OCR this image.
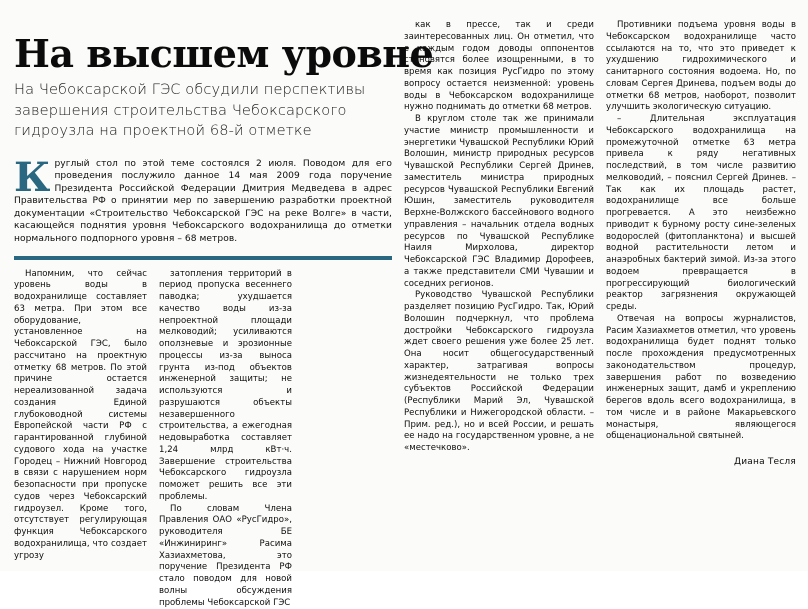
На высшем уровне
На Чебоксарской ГЭС обсудили перспективы
завершения строительства Чебоксарского
гидроузла на проектной 68-й отметке

Круглый стол по этой теме состоялся 2 июля. Поводом для его проведения послужило данное 14 мая 2009 года поручение Президента Российской Федерации Дмитрия Медведева в адрес Правительства РФ о принятии мер по завершению разработки проектной документации «Строительство Чебоксарской ГЭС на реке Волге» в части, касающейся поднятия уровня Чебоксарского водохранилища до отметки нормального подпорного уровня – 68 метров.

Напомним, что сейчас уровень воды в водохранилище составляет 63 метра. При этом все оборудование, установленное на Чебоксарской ГЭС, было рассчитано на проектную отметку 68 метров. По этой причине остается нереализованной задача создания Единой глубоководной системы Европейской части РФ с гарантированной глубиной судового хода на участке Городец – Нижний Новгород в связи с нарушением норм безопасности при пропуске судов через Чебоксарский гидроузел. Кроме того, отсутствует регулирующая функция Чебоксарского водохранилища, что создает угрозу

затопления территорий в период пропуска весеннего паводка; ухудшается качество воды из-за непроектной площади мелководий; усиливаются оползневые и эрозионные процессы из-за выноса грунта из-под объектов инженерной защиты; не используются и разрушаются объекты незавершенного строительства, а ежегодная недовыработка составляет 1,24 млрд кВт·ч. Завершение строительства Чебоксарского гидроузла поможет решить все эти проблемы.

По словам Члена Правления ОАО «РусГидро», руководителя БЕ «Инжиниринг» Расима Хазиахметова, это поручение Президента РФ стало поводом для новой волны обсуждения проблемы Чебоксарской ГЭС

как в прессе, так и среди заинтересованных лиц. Он отметил, что с каждым годом доводы оппонентов становятся более изощренными, в то время как позиция РусГидро по этому вопросу остается неизменной: уровень воды в Чебоксарском водохранилище нужно поднимать до отметки 68 метров.

В круглом столе так же принимали участие министр промышленности и энергетики Чувашской Республики Юрий Волошин, министр природных ресурсов Чувашской Республики Сергей Дринев, заместитель министра природных ресурсов Чувашской Республики Евгений Юшин, заместитель руководителя Верхне-Волжского бассейнового водного управления – начальник отдела водных ресурсов по Чувашской Республике Наиля Мирхолова, директор Чебоксарской ГЭС Владимир Дорофеев, а также представители СМИ Чувашии и соседних регионов.

Руководство Чувашской Республики разделяет позицию РусГидро. Так, Юрий Волошин подчеркнул, что проблема достройки Чебоксарского гидроузла ждет своего решения уже более 25 лет. Она носит общегосударственный характер, затрагивая вопросы жизнедеятельности не только трех субъектов Российской Федерации (Республики Марий Эл, Чувашской Республики и Нижегородской области. – Прим. ред.), но и всей России, и решать ее надо на государственном уровне, а не «местечково».

Противники подъема уровня воды в Чебоксарском водохранилище часто ссылаются на то, что это приведет к ухудшению гидрохимического и санитарного состояния водоема. Но, по словам Сергея Дринева, подъем воды до отметки 68 метров, наоборот, позволит улучшить экологическую ситуацию.

– Длительная эксплуатация Чебоксарского водохранилища на промежуточной отметке 63 метра привела к ряду негативных последствий, в том числе развитию мелководий, – пояснил Сергей Дринев. – Так как их площадь растет, водохранилище все больше прогревается. А это неизбежно приводит к бурному росту сине-зеленых водорослей (фитопланктона) и высшей водной растительности летом и анаэробных бактерий зимой. Из-за этого водоем превращается в прогрессирующий биологический реактор загрязнения окружающей среды.

Отвечая на вопросы журналистов, Расим Хазиахметов отметил, что уровень водохранилища будет поднят только после прохождения предусмотренных законодательством процедур, завершения работ по возведению инженерных защит, дамб и укреплению берегов вдоль всего водохранилища, в том числе и в районе Макарьевского монастыря, являющегося общенациональной святыней.

Диана Тесля
